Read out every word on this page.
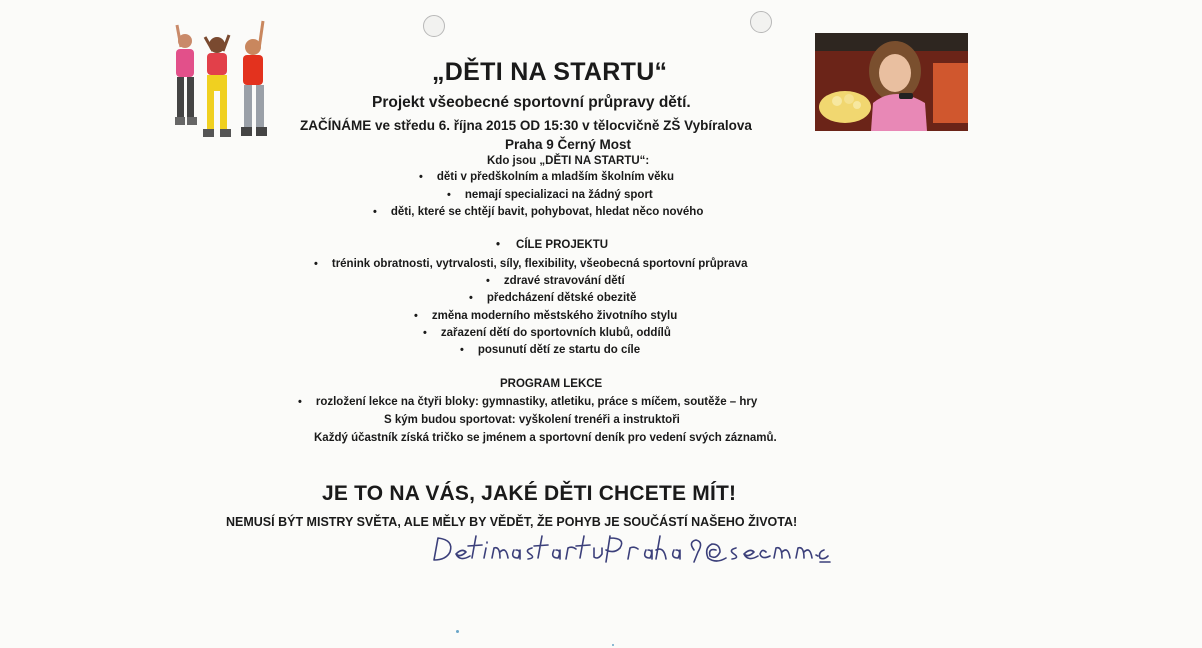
„DĚTI NA STARTU“
Projekt všeobecné sportovní průpravy dětí.
ZAČÍNÁME ve středu 6. října 2015 OD 15:30 v tělocvičně ZŠ Vybíralova
Praha 9 Černý Most
Kdo jsou „DĚTI NA STARTU“:
• děti v předškolním a mladším školním věku
• nemají specializaci na žádný sport
• děti, které se chtějí bavit, pohybovat, hledat něco nového
• CÍLE PROJEKTU
• trénink obratnosti, vytrvalosti, síly, flexibility, všeobecná sportovní průprava
• zdravé stravování dětí
• předcházení dětské obezitě
• změna moderního městského životního stylu
• zařazení dětí do sportovních klubů, oddílů
• posunutí dětí ze startu do cíle
PROGRAM LEKCE
• rozložení lekce na čtyři bloky: gymnastiky, atletiku, práce s míčem, soutěže – hry
S kým budou sportovat: vyškolení trenéři a instruktoři
Každý účastník získá tričko se jménem a sportovní deník pro vedení svých záznamů.
JE TO NA VÁS, JAKÉ DĚTI CHCETE MÍT!
NEMUSÍ BÝT MISTRY SVĚTA, ALE MĚLY BY VĚDĚT, ŽE POHYB JE SOUČÁSTÍ NAŠEHO ŽIVOTA!
